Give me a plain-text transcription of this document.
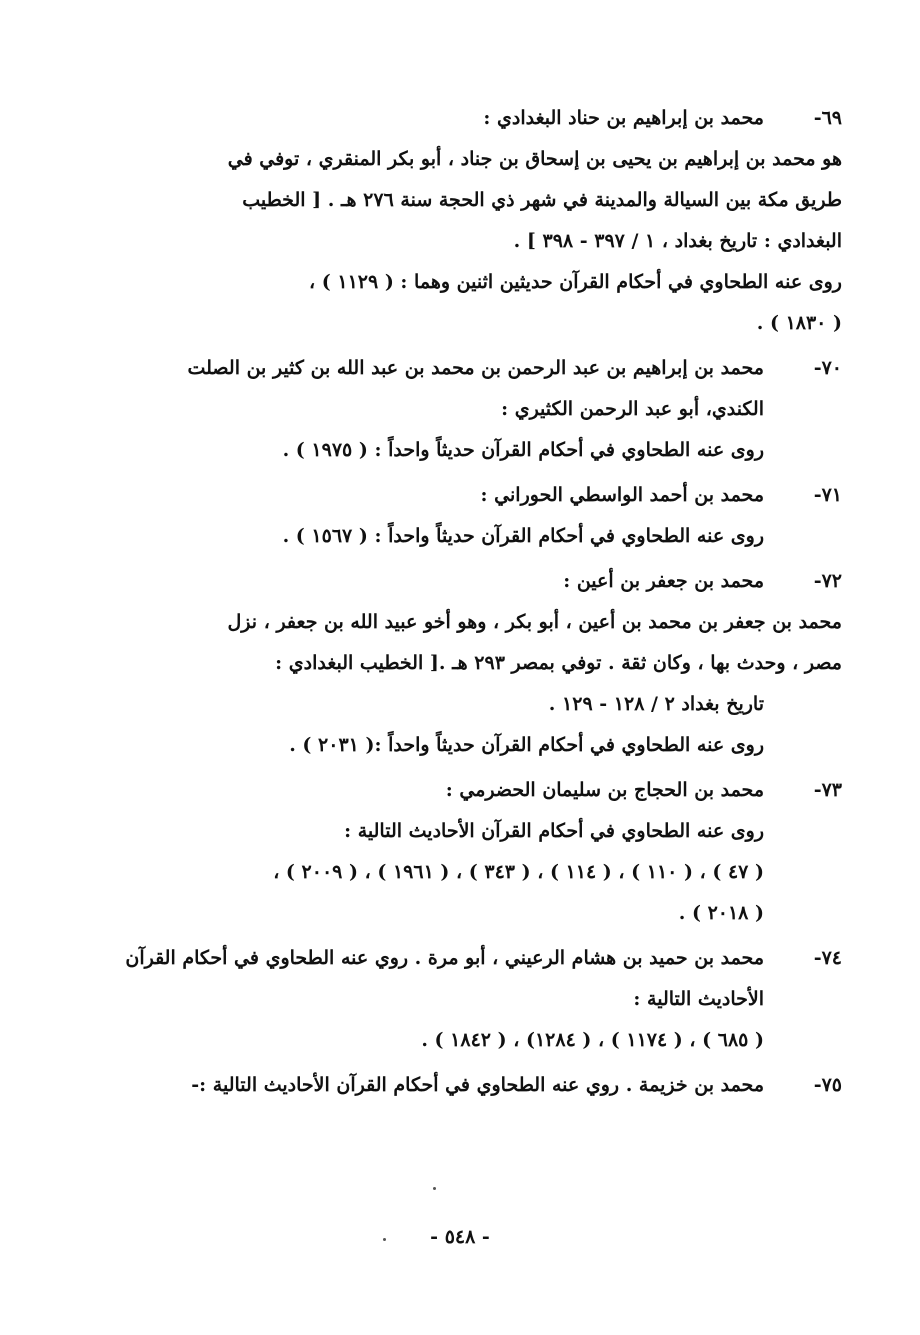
٦٩-
محمد بن إبراهيم بن حناد البغدادي :
هو محمد بن إبراهيم بن يحيى بن إسحاق بن جناد ، أبو بكر المنقري ، توفي في
طريق مكة بين السيالة والمدينة في شهر ذي الحجة سنة ٢٧٦ هـ . [ الخطيب
البغدادي : تاريخ بغداد ، ١ / ٣٩٧ - ٣٩٨ ] .
روى عنه الطحاوي في أحكام القرآن حديثين اثنين وهما : ( ١١٢٩ ) ،
( ١٨٣٠ ) .
٧٠-
محمد بن إبراهيم بن عبد الرحمن بن محمد بن عبد الله بن كثير بن الصلت
الكندي، أبو عبد الرحمن الكثيري :
روى عنه الطحاوي في أحكام القرآن حديثاً واحداً : ( ١٩٧٥ ) .
٧١-
محمد بن أحمد الواسطي الحوراني :
روى عنه الطحاوي في أحكام القرآن حديثاً واحداً : ( ١٥٦٧ ) .
٧٢-
محمد بن جعفر بن أعين :
محمد بن جعفر بن محمد بن أعين ، أبو بكر ، وهو أخو عبيد الله بن جعفر ، نزل
مصر ، وحدث بها ، وكان ثقة . توفي بمصر ٢٩٣ هـ .[ الخطيب البغدادي :
تاريخ بغداد ٢ / ١٢٨ - ١٢٩ .
روى عنه الطحاوي في أحكام القرآن حديثاً واحداً :( ٢٠٣١ ) .
٧٣-
محمد بن الحجاج بن سليمان الحضرمي :
روى عنه الطحاوي في أحكام القرآن الأحاديث التالية :
( ٤٧ ) ، ( ١١٠ ) ، ( ١١٤ ) ، ( ٣٤٣ ) ، ( ١٩٦١ ) ، ( ٢٠٠٩ ) ،
( ٢٠١٨ ) .
٧٤-
محمد بن حميد بن هشام الرعيني ، أبو مرة . روي عنه الطحاوي في أحكام القرآن
الأحاديث التالية :
( ٦٨٥ ) ، ( ١١٧٤ ) ، ( ١٢٨٤) ، ( ١٨٤٢ ) .
٧٥-
محمد بن خزيمة . روي عنه الطحاوي في أحكام القرآن الأحاديث التالية :-
- ٥٤٨ -
